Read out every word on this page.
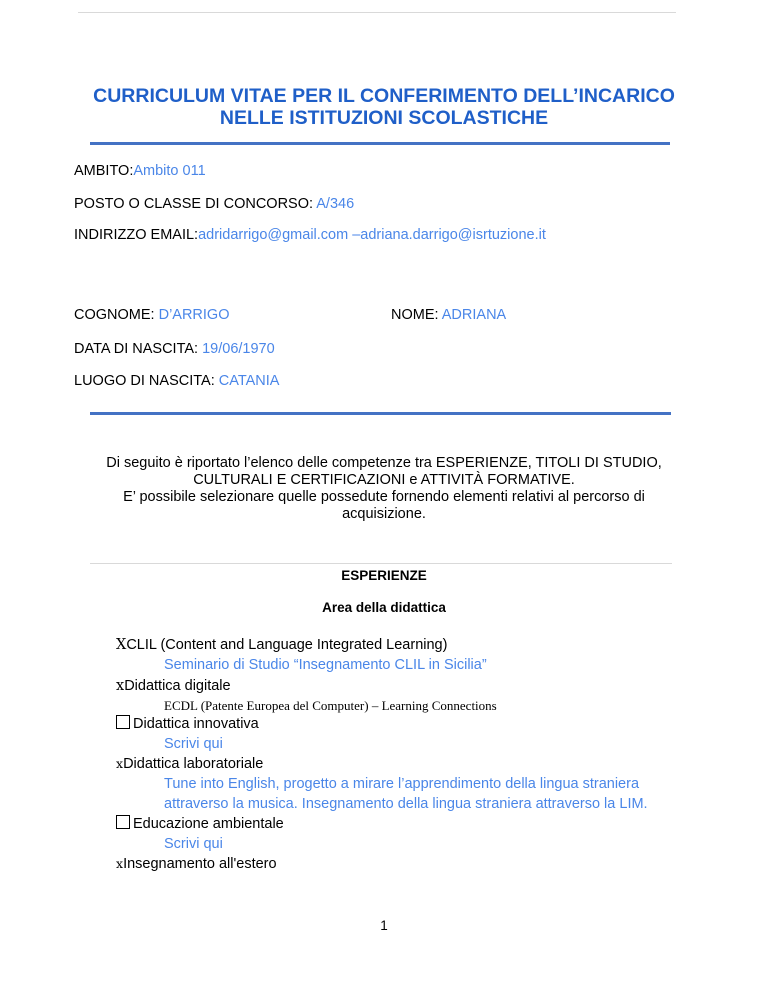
CURRICULUM VITAE PER IL CONFERIMENTO DELL’INCARICO
NELLE ISTITUZIONI SCOLASTICHE
AMBITO:Ambito 011
POSTO O CLASSE DI CONCORSO: A/346
INDIRIZZO EMAIL:adridarrigo@gmail.com –adriana.darrigo@isrtuzione.it
COGNOME: D’ARRIGO	NOME: ADRIANA
DATA DI NASCITA: 19/06/1970
LUOGO DI NASCITA: CATANIA
Di seguito è riportato l’elenco delle competenze tra ESPERIENZE, TITOLI DI STUDIO,
CULTURALI E CERTIFICAZIONI e ATTIVITÀ FORMATIVE.
E’ possibile selezionare quelle possedute fornendo elementi relativi al percorso di
acquisizione.
ESPERIENZE
Area della didattica
XCLIL (Content and Language Integrated Learning)
Seminario di Studio “Insegnamento CLIL in Sicilia”
xDidattica digitale
ECDL (Patente Europea del Computer) – Learning Connections
Didattica innovativa
Scrivi qui
xDidattica laboratoriale
Tune into English, progetto a mirare l’apprendimento della lingua straniera
attraverso la musica. Insegnamento della lingua straniera attraverso la LIM.
Educazione ambientale
Scrivi qui
xInsegnamento all'estero
1
